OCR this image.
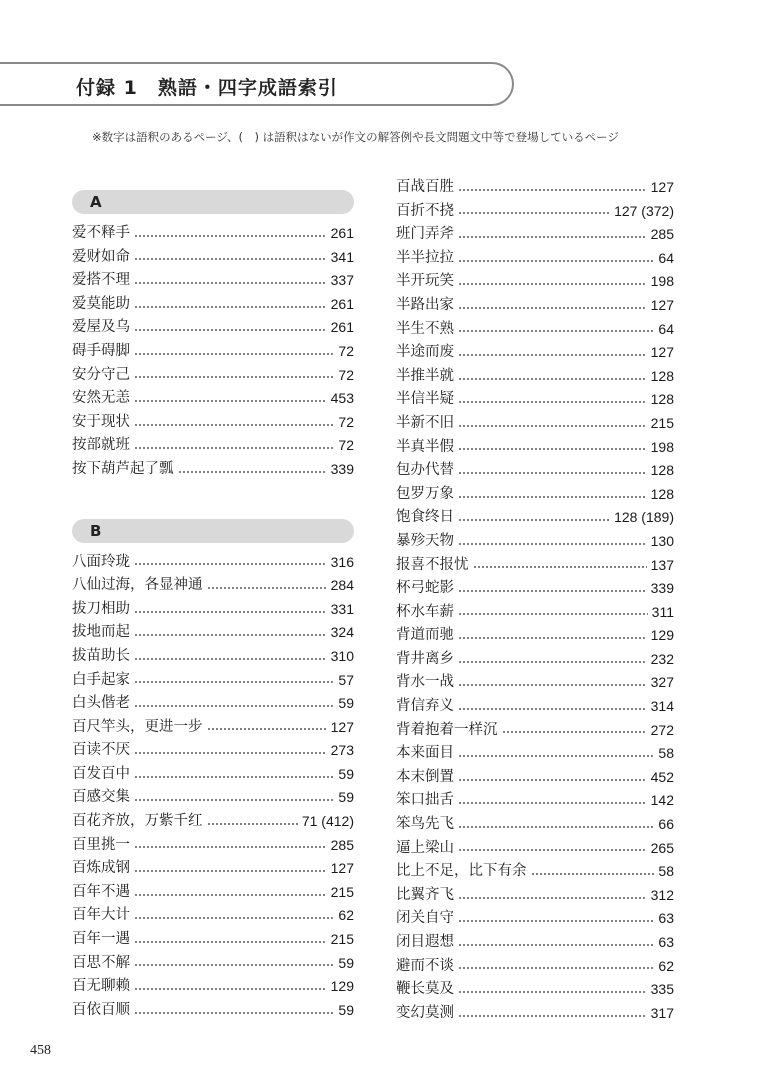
付録 1　熟語・四字成語索引
※数字は語釈のあるページ、(　) は語釈はないが作文の解答例や長文問題文中等で登場しているページ
A
爱不释手	261
爱财如命	341
爱搭不理	337
爱莫能助	261
爱屋及乌	261
碍手碍脚	72
安分守己	72
安然无恙	453
安于现状	72
按部就班	72
按下葫芦起了瓢	339
B
八面玲珑	316
八仙过海，各显神通	284
拔刀相助	331
拔地而起	324
拔苗助长	310
白手起家	57
白头偕老	59
百尺竿头，更进一步	127
百读不厌	273
百发百中	59
百感交集	59
百花齐放，万紫千红	71 (412)
百里挑一	285
百炼成钢	127
百年不遇	215
百年大计	62
百年一遇	215
百思不解	59
百无聊赖	129
百依百顺	59
百战百胜	127
百折不挠	127 (372)
班门弄斧	285
半半拉拉	64
半开玩笑	198
半路出家	127
半生不熟	64
半途而废	127
半推半就	128
半信半疑	128
半新不旧	215
半真半假	198
包办代替	128
包罗万象	128
饱食终日	128 (189)
暴殄天物	130
报喜不报忧	137
杯弓蛇影	339
杯水车薪	311
背道而驰	129
背井离乡	232
背水一战	327
背信弃义	314
背着抱着一样沉	272
本来面目	58
本末倒置	452
笨口拙舌	142
笨鸟先飞	66
逼上梁山	265
比上不足，比下有余	58
比翼齐飞	312
闭关自守	63
闭目遐想	63
避而不谈	62
鞭长莫及	335
变幻莫测	317
458
